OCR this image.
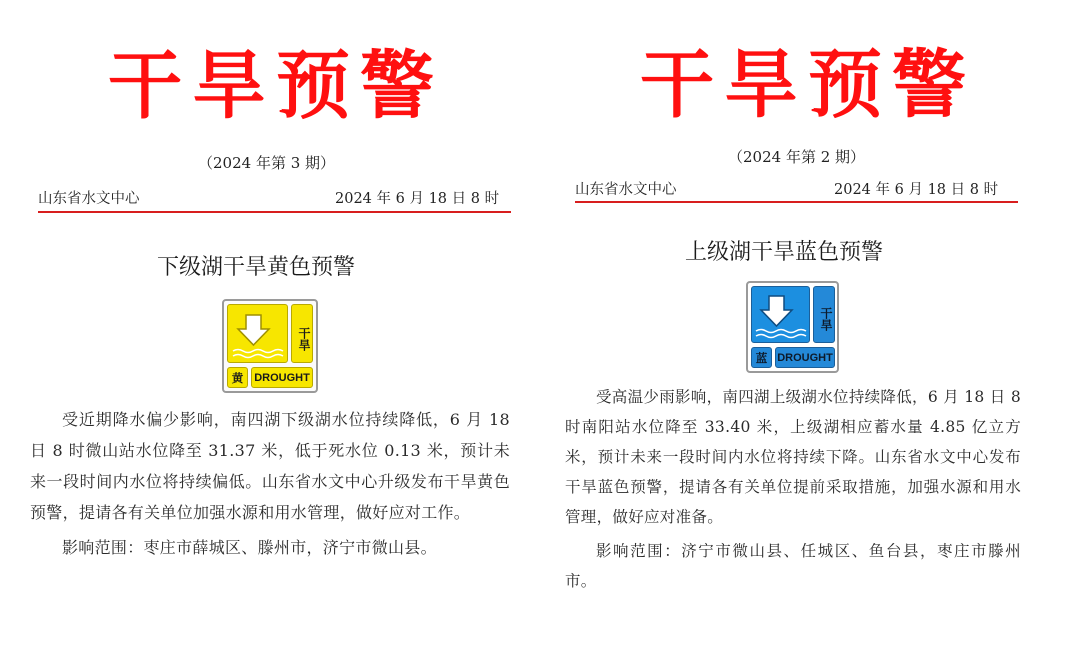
干旱预警
（2024 年第 3 期）
山东省水文中心	2024 年 6 月 18 日 8 时
下级湖干旱黄色预警
干旱
黄 DROUGHT

受近期降水偏少影响，南四湖下级湖水位持续降低，6 月 18 日 8 时微山站水位降至 31.37 米，低于死水位 0.13 米，预计未来一段时间内水位将持续偏低。山东省水文中心升级发布干旱黄色预警，提请各有关单位加强水源和用水管理，做好应对工作。

影响范围：枣庄市薛城区、滕州市，济宁市微山县。

干旱预警
（2024 年第 2 期）
山东省水文中心	2024 年 6 月 18 日 8 时
上级湖干旱蓝色预警
干旱
蓝 DROUGHT

受高温少雨影响，南四湖上级湖水位持续降低，6 月 18 日 8 时南阳站水位降至 33.40 米，上级湖相应蓄水量 4.85 亿立方米，预计未来一段时间内水位将持续下降。山东省水文中心发布干旱蓝色预警，提请各有关单位提前采取措施，加强水源和用水管理，做好应对准备。

影响范围：济宁市微山县、任城区、鱼台县，枣庄市滕州市。
